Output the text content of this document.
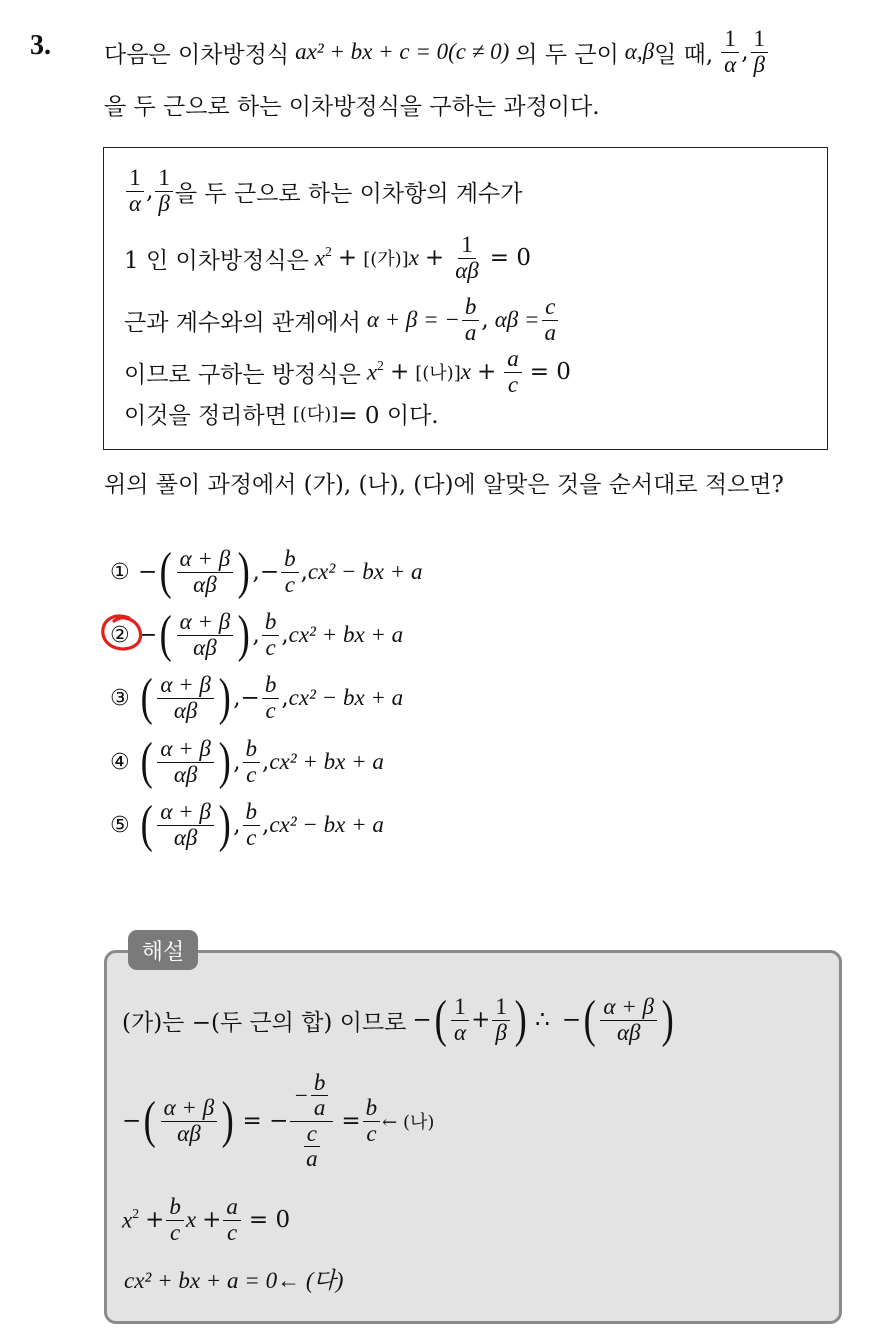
3. 다음은 이차방정식 ax² + bx + c = 0(c ≠ 0) 의 두 근이 α,β 일 때, $\frac{1}{\alpha}$ , $\frac{1}{\beta}$
을 두 근으로 하는 이차방정식을 구하는 과정이다.
$\frac{1}{\alpha}$ , $\frac{1}{\beta}$ 을 두 근으로 하는 이차항의 계수가
1 인 이차방정식은 $x^2$ + [(가)] $x + \frac{1}{\alpha\beta} = 0$
근과 계수와의 관계에서 α + β = − $\frac{b}{a}$ , $\alpha\beta = \frac{c}{a}$
이므로 구하는 방정식은 $x^2$ + [(나)] $x + \frac{a}{c} = 0$
이것을 정리하면 [(다)] = 0 이다.
위의 풀이 과정에서 (가), (나), (다)에 알맞은 것을 순서대로 적으면?
① − ( $\frac{\alpha + \beta}{\alpha\beta}$ ) , − $\frac{b}{c}$ , cx² − bx + a
② − ( $\frac{\alpha + \beta}{\alpha\beta}$ ) , $\frac{b}{c}$ , cx² + bx + a
③ ( $\frac{\alpha + \beta}{\alpha\beta}$ ) , − $\frac{b}{c}$ , cx² − bx + a
④ ( $\frac{\alpha + \beta}{\alpha\beta}$ ) , $\frac{b}{c}$ , cx² + bx + a
⑤ ( $\frac{\alpha + \beta}{\alpha\beta}$ ) , $\frac{b}{c}$ , cx² − bx + a
해설
(가)는 −(두 근의 합) 이므로 − ( $\frac{1}{\alpha} + \frac{1}{\beta}$ ) ∴ − ( $\frac{\alpha + \beta}{\alpha\beta}$ )
− ( $\frac{\alpha + \beta}{\alpha\beta}$ ) = − $\frac{- \frac{b}{a}}{\frac{c}{a}} = \frac{b}{c}$ ← (나)
$x^2 + \frac{b}{c}$ $x + \frac{a}{c} = 0$
cx² + bx + a = 0← (다)
